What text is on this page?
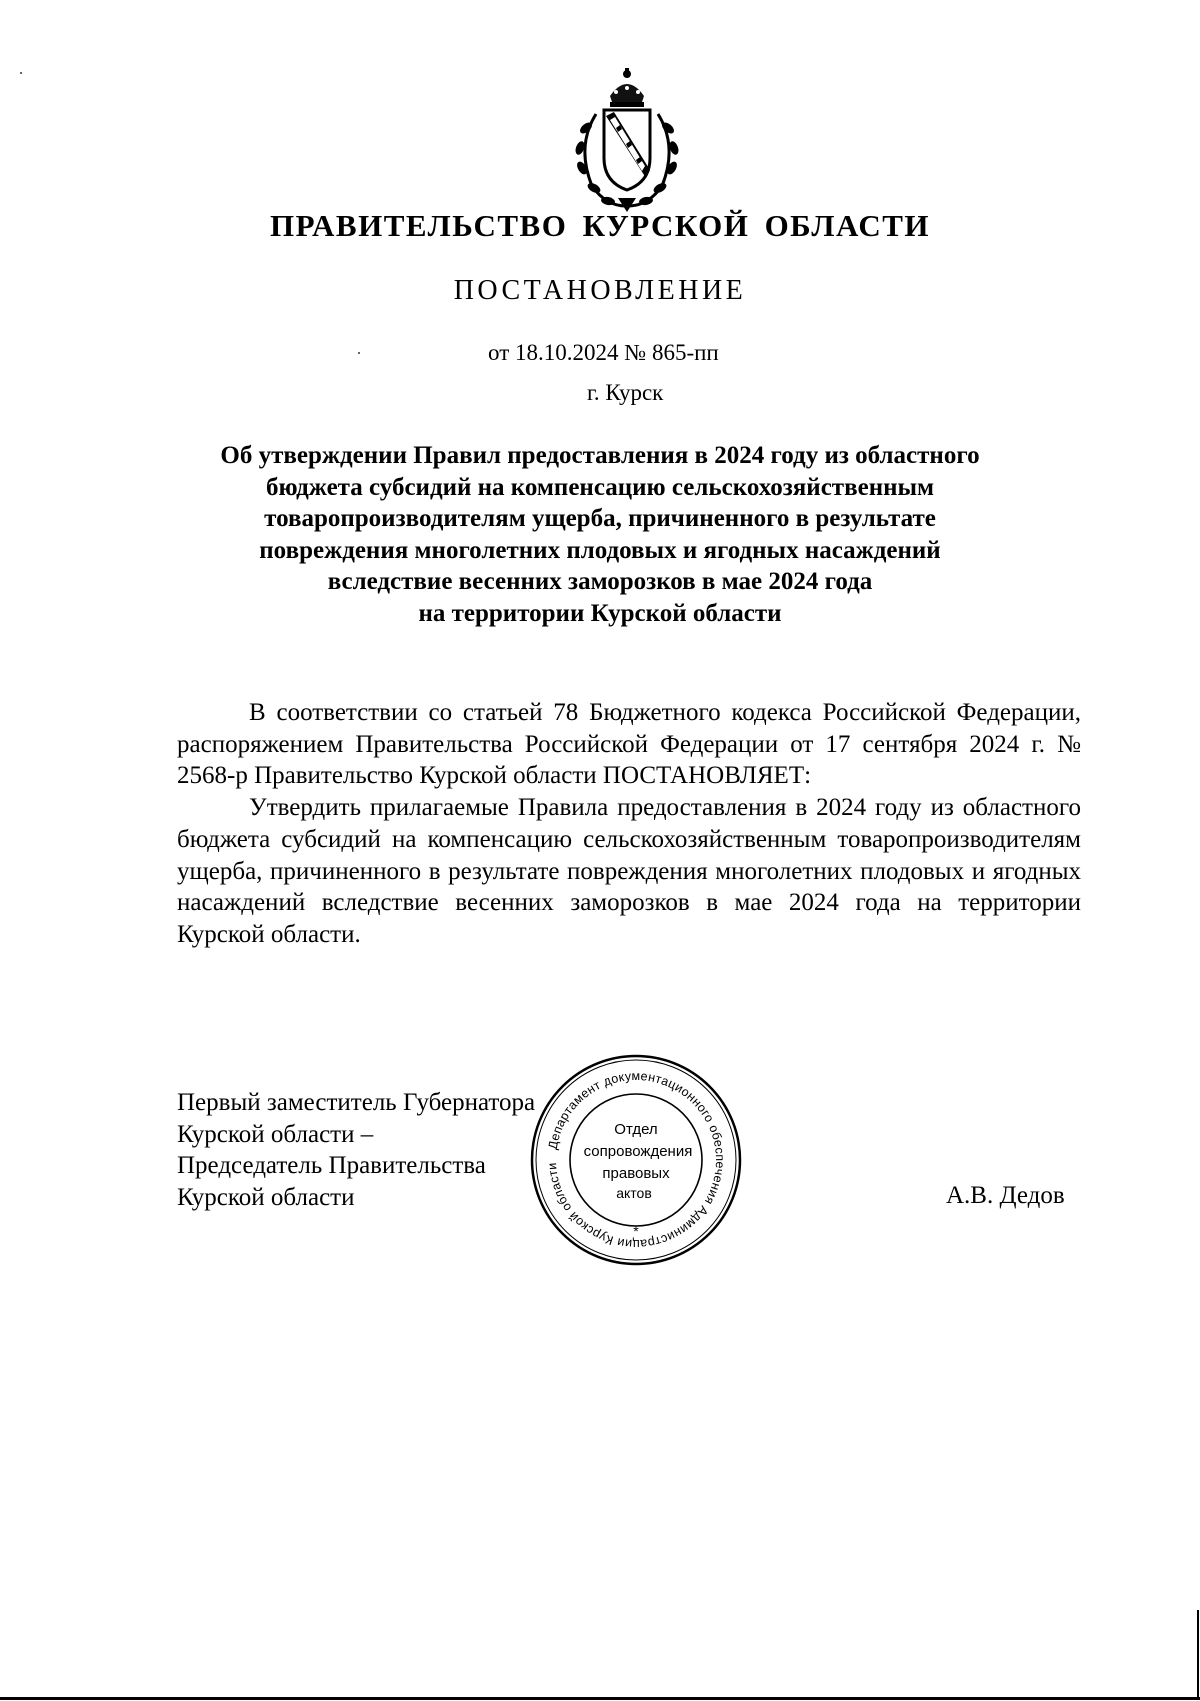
ПРАВИТЕЛЬСТВО КУРСКОЙ ОБЛАСТИ
ПОСТАНОВЛЕНИЕ
от 18.10.2024 № 865-пп
г. Курск
Об утверждении Правил предоставления в 2024 году из областного
бюджета субсидий на компенсацию сельскохозяйственным
товаропроизводителям ущерба, причиненного в результате
повреждения многолетних плодовых и ягодных насаждений
вследствие весенних заморозков в мае 2024 года
на территории Курской области

В соответствии со статьей 78 Бюджетного кодекса Российской Федерации, распоряжением Правительства Российской Федерации от 17 сентября 2024 г. № 2568-р Правительство Курской области ПОСТАНОВЛЯЕТ:

Утвердить прилагаемые Правила предоставления в 2024 году из областного бюджета субсидий на компенсацию сельскохозяйственным товаропроизводителям ущерба, причиненного в результате повреждения многолетних плодовых и ягодных насаждений вследствие весенних заморозков в мае 2024 года на территории Курской области.

Первый заместитель Губернатора
Курской области –
Председатель Правительства
Курской области	А.В. Дедов
Департамент документационного обеспечения Администрации Курской области
*
Отдел
сопровождения
правовых
актов
